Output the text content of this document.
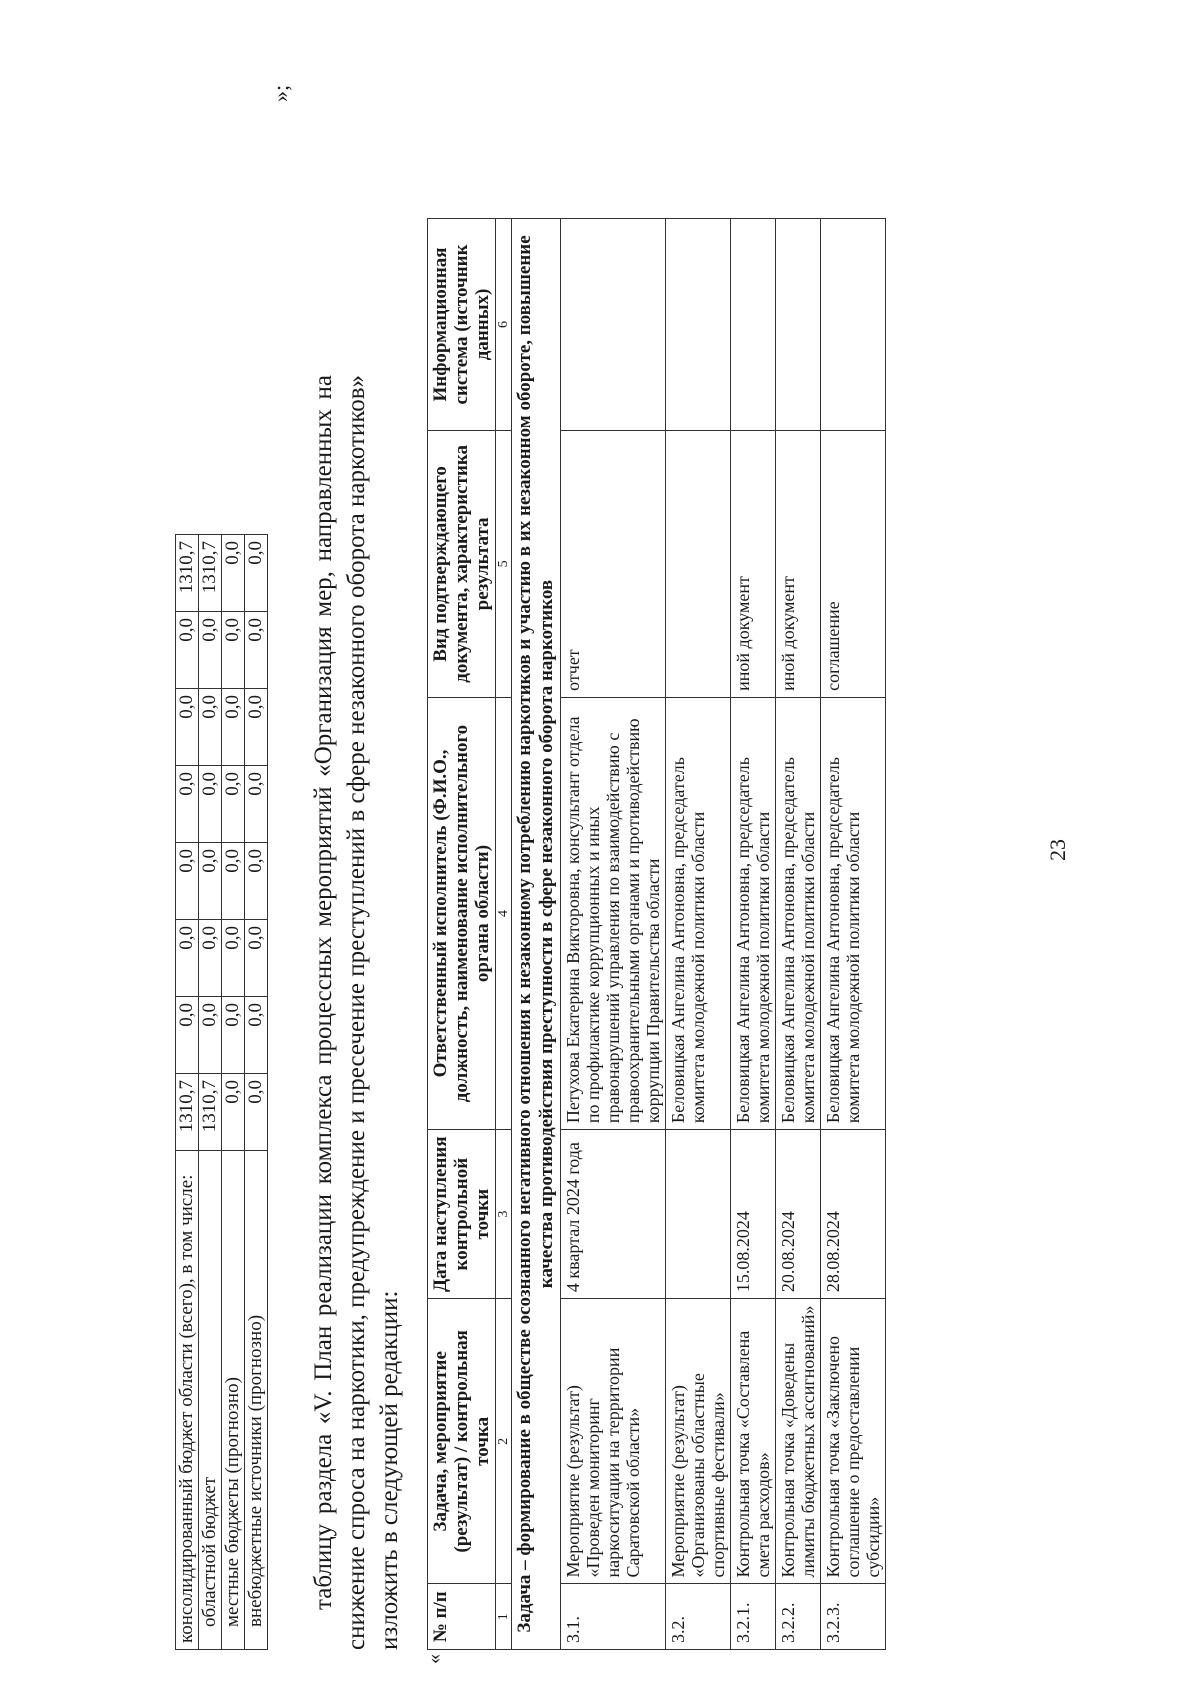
23
консолидированный бюджет области (всего), в том числе:	1310,7	0,0	0,0	0,0	0,0	0,0	0,0	1310,7
областной бюджет	1310,7	0,0	0,0	0,0	0,0	0,0	0,0	1310,7
местные бюджеты (прогнозно)	0,0	0,0	0,0	0,0	0,0	0,0	0,0	0,0
внебюджетные источники (прогнозно)	0,0	0,0	0,0	0,0	0,0	0,0	0,0	0,0
»;
таблицу раздела «V. План реализации комплекса процессных мероприятий «Организация мер, направленных на снижение спроса на наркотики, предупреждение и пресечение преступлений в сфере незаконного оборота наркотиков» изложить в следующей редакции:
«
№ п/п	Задача, мероприятие (результат) / контрольная точка	Дата наступления контрольной точки	Ответственный исполнитель (Ф.И.О., должность, наименование исполнительного органа области)	Вид подтверждающего документа, характеристика результата	Информационная система (источник данных)
1	2	3	4	5	6
Задача – формирование в обществе осознанного негативного отношения к незаконному потреблению наркотиков и участию в их незаконном обороте, повышение качества противодействия преступности в сфере незаконного оборота наркотиков					
3.1.	Мероприятие (результат) «Проведен мониторинг наркоситуации на территории Саратовской области»	4 квартал 2024 года	Петухова Екатерина Викторовна, консультант отдела по профилактике коррупционных и иных правонарушений управления по взаимодействию с правоохранительными органами и противодействию коррупции Правительства области	отчет	
3.2.	Мероприятие (результат) «Организованы областные спортивные фестивали»		Беловицкая Ангелина Антоновна, председатель комитета молодежной политики области		
3.2.1.	Контрольная точка «Составлена смета расходов»	15.08.2024	Беловицкая Ангелина Антоновна, председатель комитета молодежной политики области	иной документ	
3.2.2.	Контрольная точка «Доведены лимиты бюджетных ассигнований»	20.08.2024	Беловицкая Ангелина Антоновна, председатель комитета молодежной политики области	иной документ	
3.2.3.	Контрольная точка «Заключено соглашение о предоставлении субсидии»	28.08.2024	Беловицкая Ангелина Антоновна, председатель комитета молодежной политики области	соглашение	
